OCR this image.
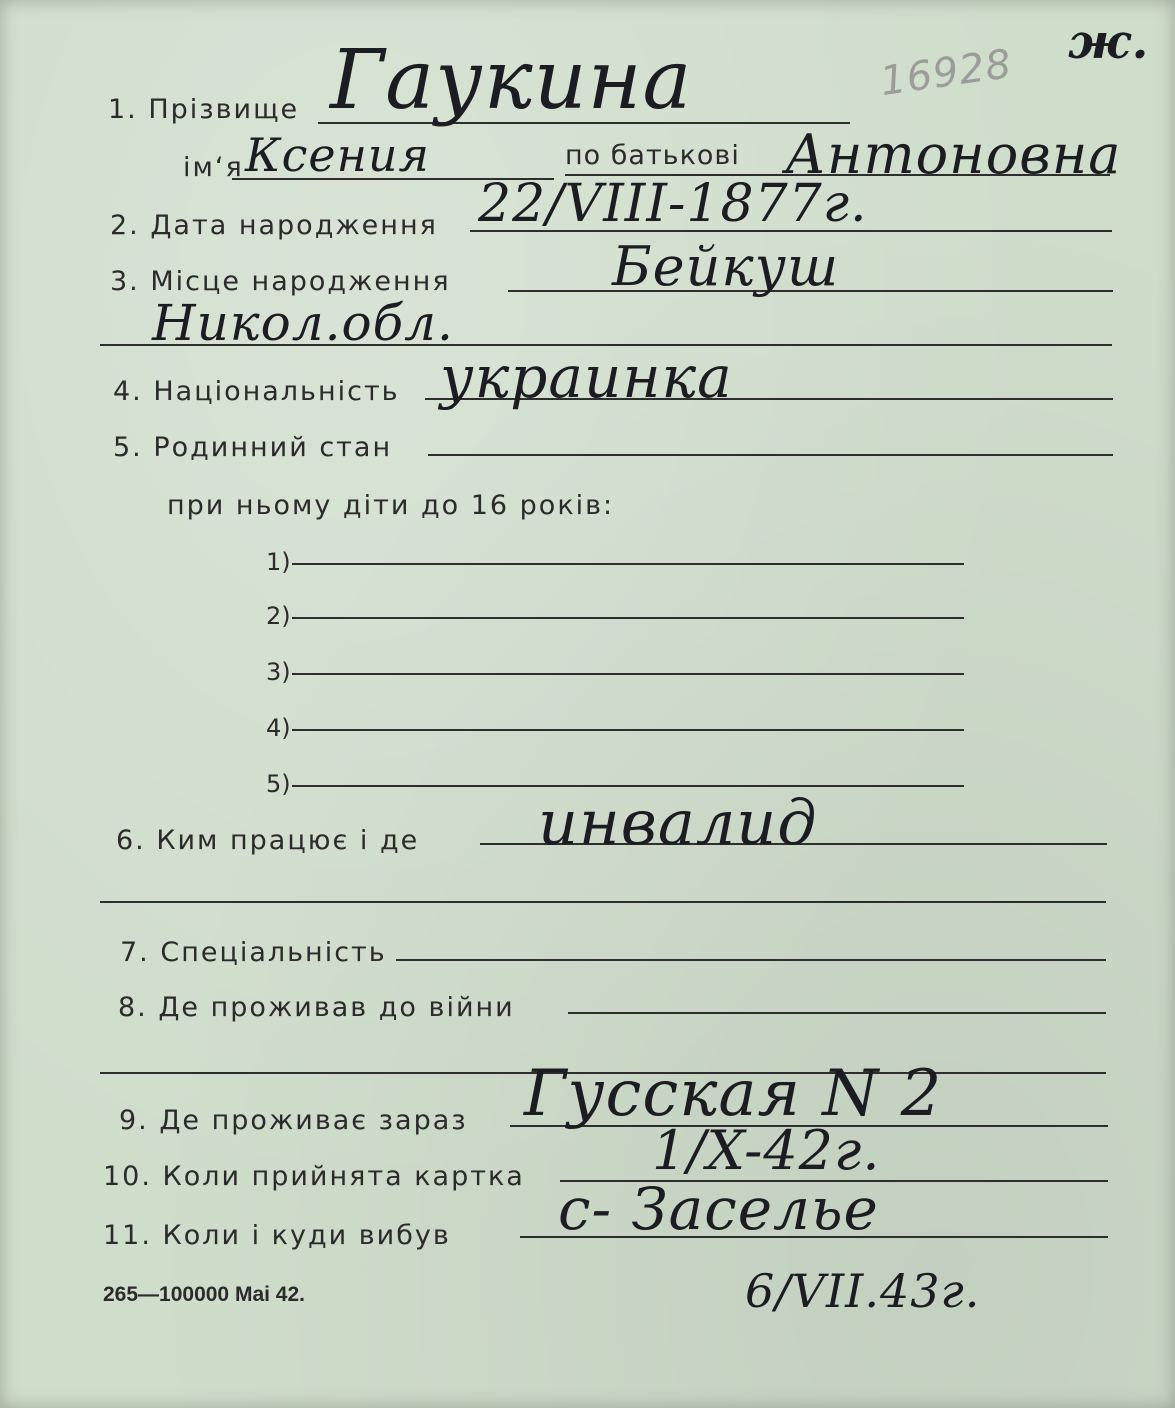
ж.
16928
1. Прізвище Гаукина
ім‘я Ксения	по батькові Антоновна
2. Дата народження 22/VIII-1877г.
3. Місце народження	Бейкуш
Никол.обл.
4. Національність украинка
5. Родинний стан
при ньому діти до 16 років:
1)
2)
3)
4)
5)
6. Ким працює і де инвалид
7. Спеціальність
8. Де проживав до війни
9. Де проживає зараз Гусская N 2
10. Коли прийнята картка 1/X-42г.
11. Коли і куди вибув с- Заселье
6/VII.43г.
265—100000 Mai 42.
